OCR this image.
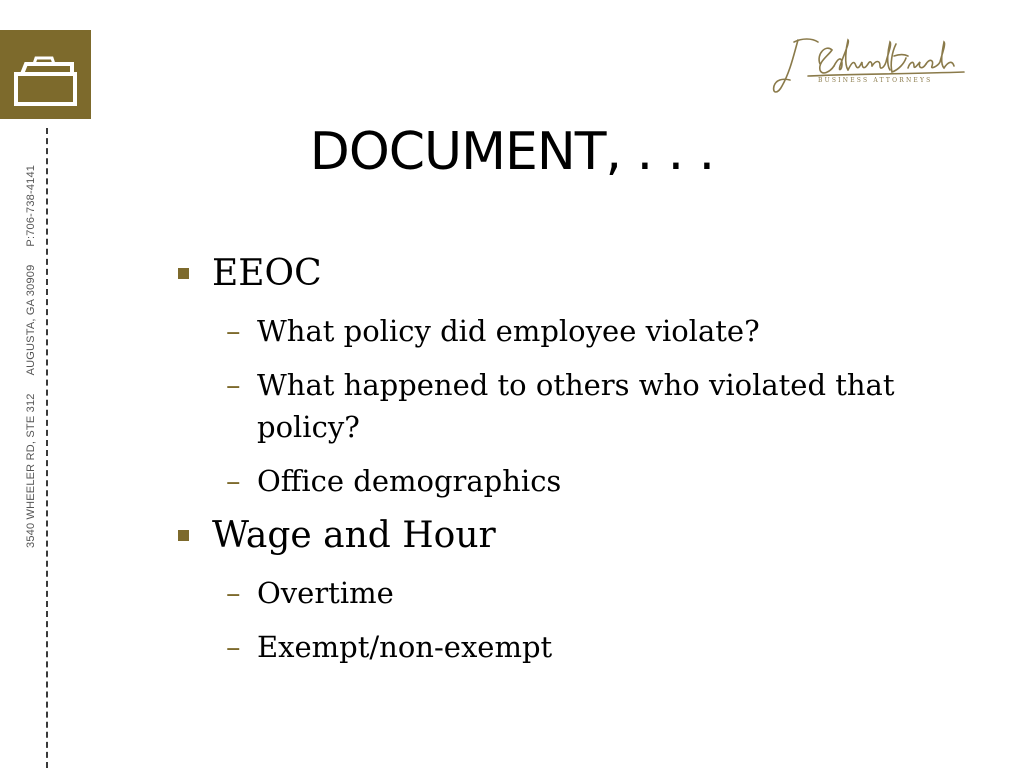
3540 WHEELER RD, STE 312AUGUSTA, GA 30909P:706-738-4141
BUSINESS ATTORNEYS
DOCUMENT, . . .
EEOC
– What policy did employee violate?
– What happened to others who violated that policy?
– Office demographics
Wage and Hour
– Overtime
– Exempt/non-exempt
